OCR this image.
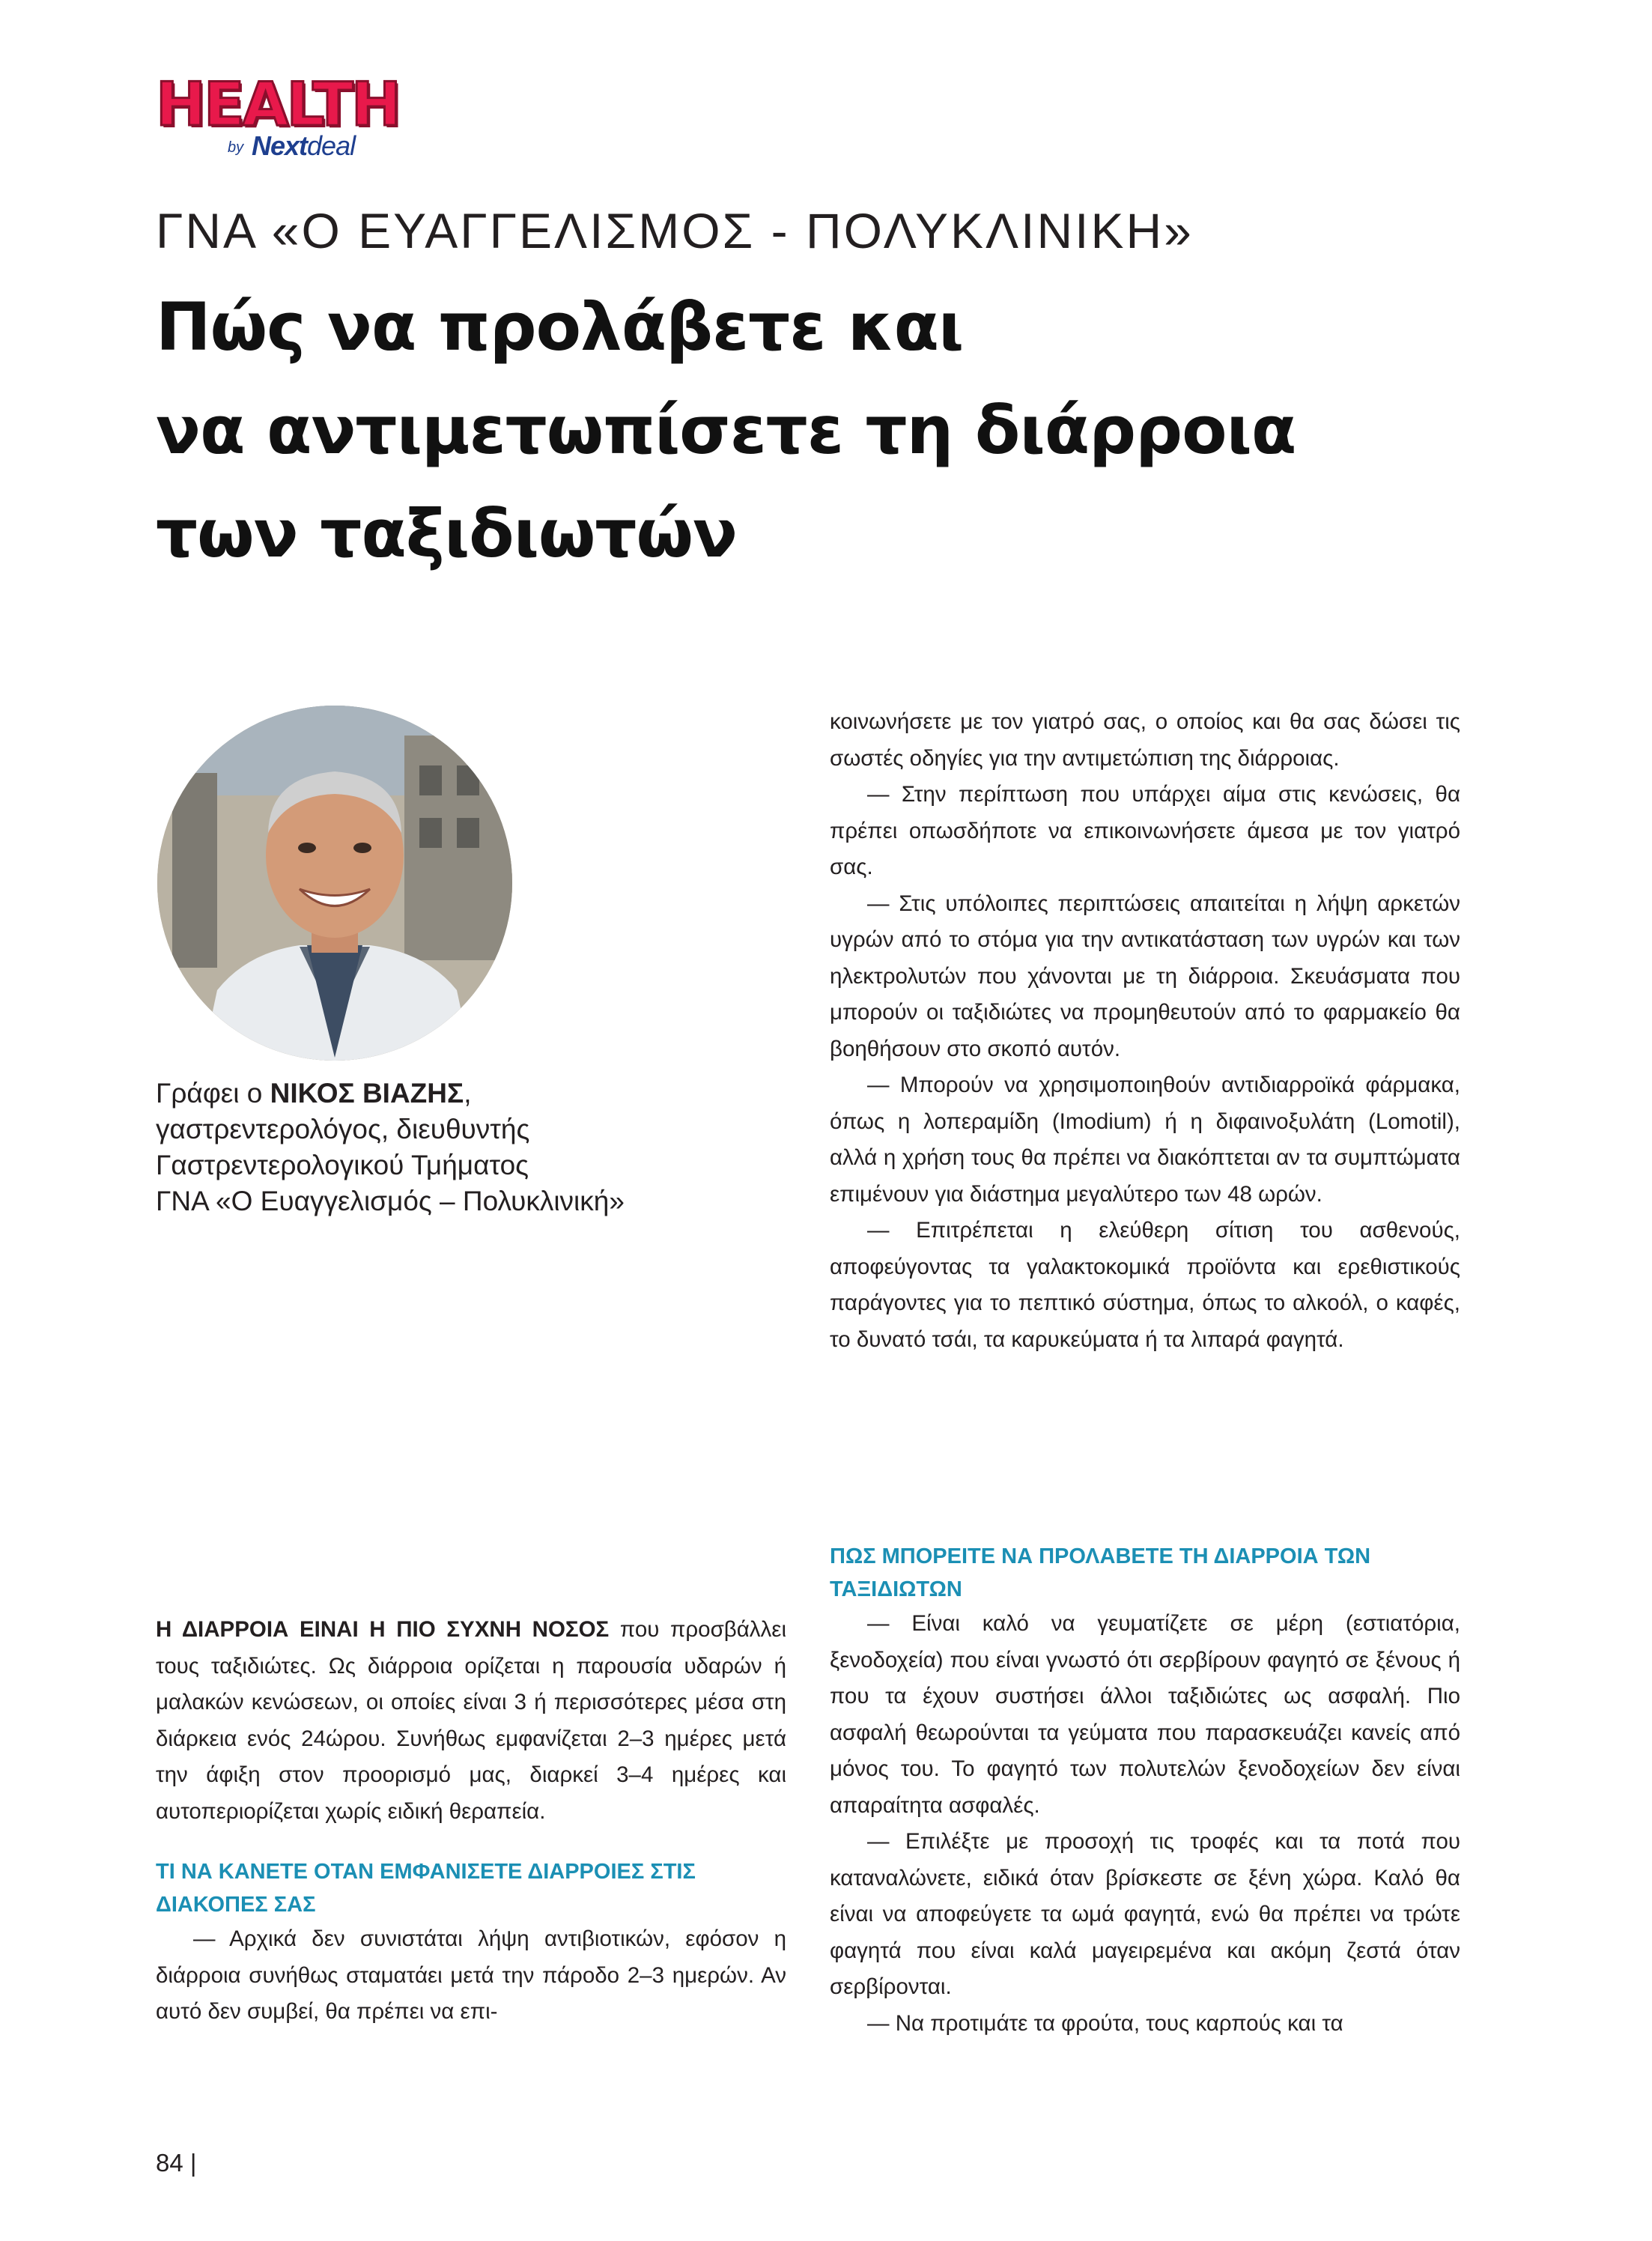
HEALTH
by Nextdeal
ΓΝΑ «Ο ΕΥΑΓΓΕΛΙΣΜΟΣ - ΠΟΛΥΚΛΙΝΙΚΗ»
Πώς να προλάβετε και
να αντιμετωπίσετε τη διάρροια
των ταξιδιωτών
Γράφει ο ΝΙΚΟΣ ΒΙΑΖΗΣ,
γαστρεντερολόγος, διευθυντής
Γαστρεντερολογικού Τμήματος
ΓΝΑ «Ο Ευαγγελισμός – Πολυκλινική»

κοινωνήσετε με τον γιατρό σας, ο οποίος και θα σας δώσει τις σωστές οδηγίες για την αντιμετώπιση της διάρροιας.

— Στην περίπτωση που υπάρχει αίμα στις κενώσεις, θα πρέπει οπωσδήποτε να επικοινωνήσετε άμεσα με τον γιατρό σας.

— Στις υπόλοιπες περιπτώσεις απαιτείται η λήψη αρκετών υγρών από το στόμα για την αντικατάσταση των υγρών και των ηλεκτρολυτών που χάνονται με τη διάρροια. Σκευάσματα που μπορούν οι ταξιδιώτες να προμηθευτούν από το φαρμακείο θα βοηθήσουν στο σκοπό αυτόν.

— Μπορούν να χρησιμοποιηθούν αντιδιαρροϊκά φάρμακα, όπως η λοπεραμίδη (Imodium) ή η διφαινοξυλάτη (Lomotil), αλλά η χρήση τους θα πρέπει να διακόπτεται αν τα συμπτώματα επιμένουν για διάστημα μεγαλύτερο των 48 ωρών.

— Επιτρέπεται η ελεύθερη σίτιση του ασθενούς, αποφεύγοντας τα γαλακτοκομικά προϊόντα και ερεθιστικούς παράγοντες για το πεπτικό σύστημα, όπως το αλκοόλ, ο καφές, το δυνατό τσάι, τα καρυκεύματα ή τα λιπαρά φαγητά.

ΠΩΣ ΜΠΟΡΕΙΤΕ ΝΑ ΠΡΟΛΑΒΕΤΕ ΤΗ ΔΙΑΡΡΟΙΑ ΤΩΝ ΤΑΞΙΔΙΩΤΩΝ

— Είναι καλό να γευματίζετε σε μέρη (εστιατόρια, ξενοδοχεία) που είναι γνωστό ότι σερβίρουν φαγητό σε ξένους ή που τα έχουν συστήσει άλλοι ταξιδιώτες ως ασφαλή. Πιο ασφαλή θεωρούνται τα γεύματα που παρασκευάζει κανείς από μόνος του. Το φαγητό των πολυτελών ξενοδοχείων δεν είναι απαραίτητα ασφαλές.

— Επιλέξτε με προσοχή τις τροφές και τα ποτά που καταναλώνετε, ειδικά όταν βρίσκεστε σε ξένη χώρα. Καλό θα είναι να αποφεύγετε τα ωμά φαγητά, ενώ θα πρέπει να τρώτε φαγητά που είναι καλά μαγειρεμένα και ακόμη ζεστά όταν σερβίρονται.

— Να προτιμάτε τα φρούτα, τους καρπούς και τα

Η ΔΙΑΡΡΟΙΑ ΕΙΝΑΙ Η ΠΙΟ ΣΥΧΝΗ ΝΟΣΟΣ που προσβάλλει τους ταξιδιώτες. Ως διάρροια ορίζεται η παρουσία υδαρών ή μαλακών κενώσεων, οι οποίες είναι 3 ή περισσότερες μέσα στη διάρκεια ενός 24ώρου. Συνήθως εμφανίζεται 2–3 ημέρες μετά την άφιξη στον προορισμό μας, διαρκεί 3–4 ημέρες και αυτοπεριορίζεται χωρίς ειδική θεραπεία.

ΤΙ ΝΑ ΚΑΝΕΤΕ ΟΤΑΝ ΕΜΦΑΝΙΣΕΤΕ ΔΙΑΡΡΟΙΕΣ ΣΤΙΣ ΔΙΑΚΟΠΕΣ ΣΑΣ

— Αρχικά δεν συνιστάται λήψη αντιβιοτικών, εφόσον η διάρροια συνήθως σταματάει μετά την πάροδο 2–3 ημερών. Αν αυτό δεν συμβεί, θα πρέπει να επι-

84 |
